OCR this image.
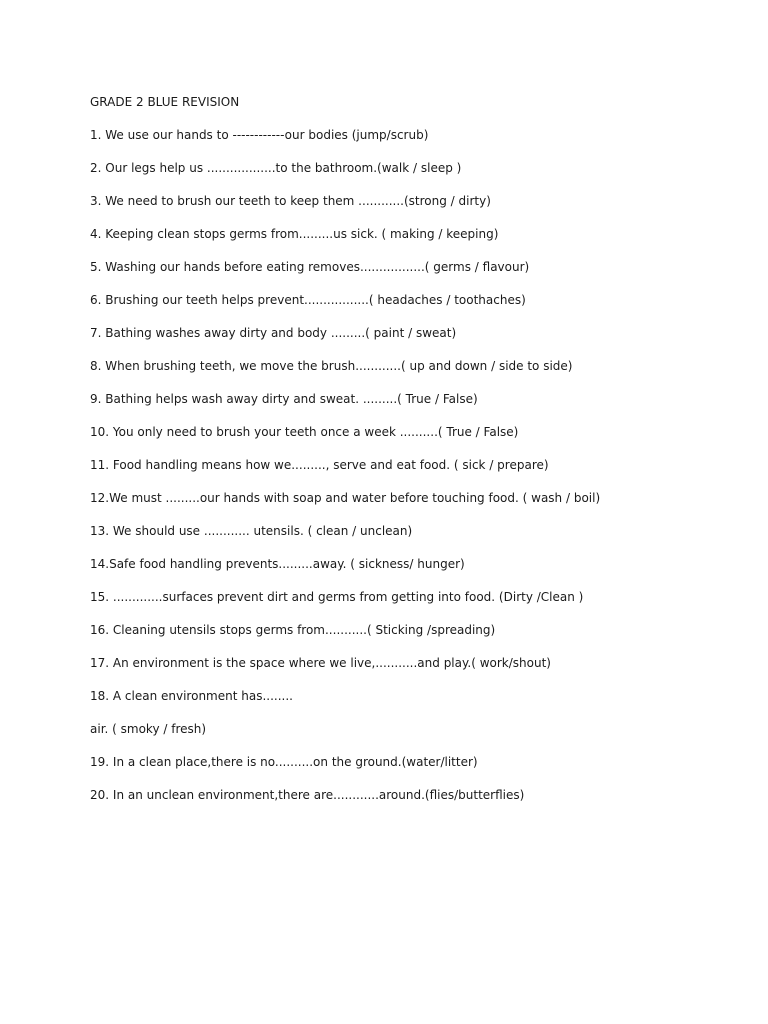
GRADE 2 BLUE REVISION
1. We use our hands to ------------our bodies (jump/scrub)
2. Our legs help us ..................to the bathroom.(walk / sleep )
3. We need to brush our teeth to keep them ............(strong / dirty)
4. Keeping clean stops germs from.........us sick. ( making / keeping)
5. Washing our hands before eating removes.................( germs / flavour)
6. Brushing our teeth helps prevent.................( headaches / toothaches)
7. Bathing washes away dirty and body .........( paint / sweat)
8. When brushing teeth, we move the brush............( up and down / side to side)
9. Bathing helps wash away dirty and sweat. .........( True / False)
10. You only need to brush your teeth once a week ..........( True / False)
11. Food handling means how we........., serve and eat food. ( sick / prepare)
12.We must .........our hands with soap and water before touching food. ( wash / boil)
13. We should use ............ utensils. ( clean / unclean)
14.Safe food handling prevents.........away. ( sickness/ hunger)
15. .............surfaces prevent dirt and germs from getting into food. (Dirty /Clean )
16. Cleaning utensils stops germs from...........( Sticking /spreading)
17. An environment is the space where we live,...........and play.( work/shout)
18. A clean environment has........
air. ( smoky / fresh)
19. In a clean place,there is no..........on the ground.(water/litter)
20. In an unclean environment,there are............around.(flies/butterflies)
